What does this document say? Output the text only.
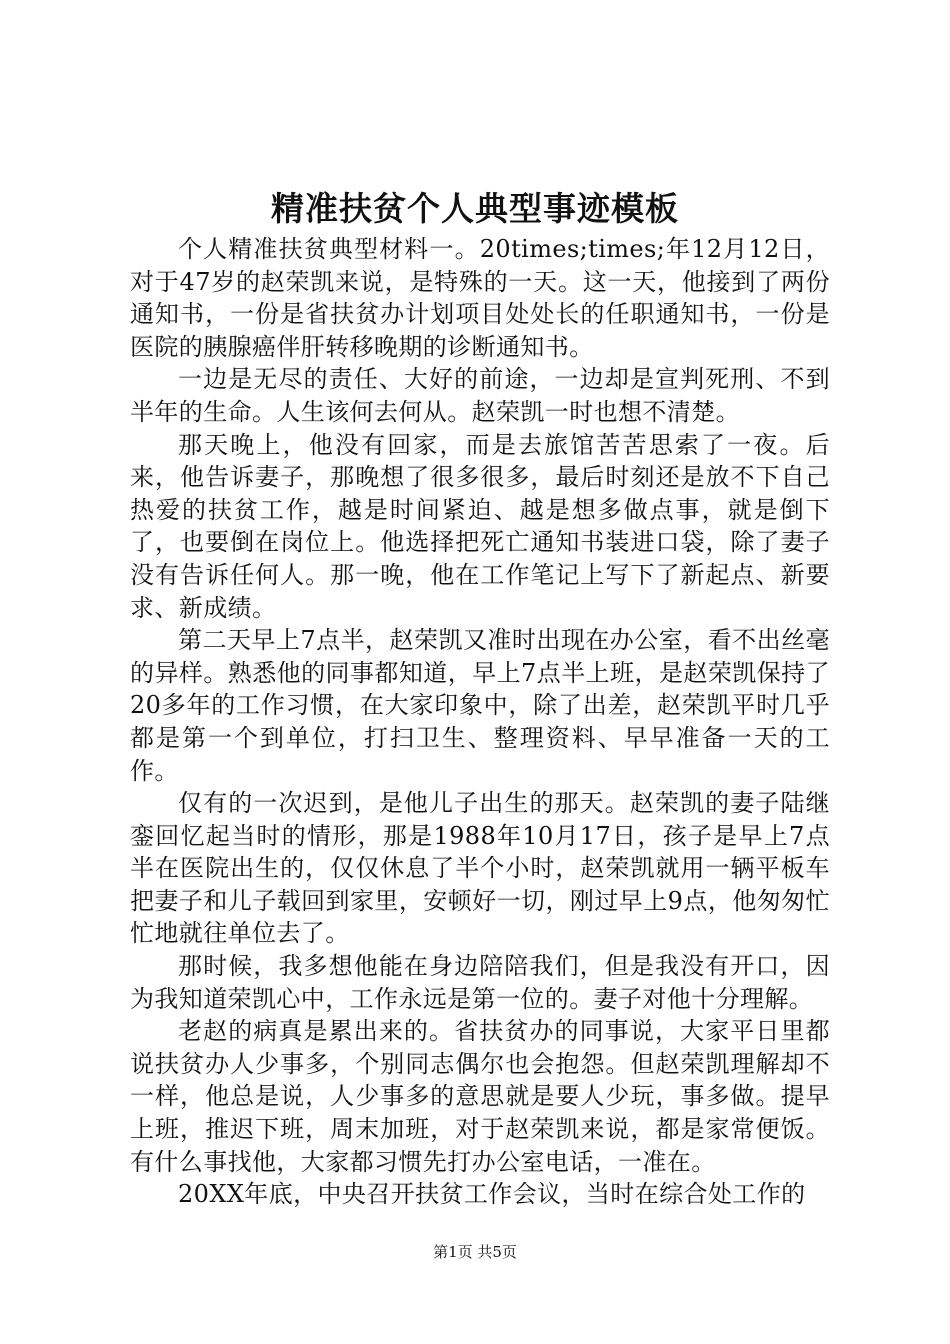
精准扶贫个人典型事迹模板

个人精准扶贫典型材料一。20times;times;年12月12日，对于47岁的赵荣凯来说，是特殊的一天。这一天，他接到了两份通知书，一份是省扶贫办计划项目处处长的任职通知书，一份是医院的胰腺癌伴肝转移晚期的诊断通知书。

一边是无尽的责任、大好的前途，一边却是宣判死刑、不到半年的生命。人生该何去何从。赵荣凯一时也想不清楚。

那天晚上，他没有回家，而是去旅馆苦苦思索了一夜。后来，他告诉妻子，那晚想了很多很多，最后时刻还是放不下自己热爱的扶贫工作，越是时间紧迫、越是想多做点事，就是倒下了，也要倒在岗位上。他选择把死亡通知书装进口袋，除了妻子没有告诉任何人。那一晚，他在工作笔记上写下了新起点、新要求、新成绩。

第二天早上7点半，赵荣凯又准时出现在办公室，看不出丝毫的异样。熟悉他的同事都知道，早上7点半上班，是赵荣凯保持了20多年的工作习惯，在大家印象中，除了出差，赵荣凯平时几乎都是第一个到单位，打扫卫生、整理资料、早早准备一天的工作。

仅有的一次迟到，是他儿子出生的那天。赵荣凯的妻子陆继銮回忆起当时的情形，那是1988年10月17日，孩子是早上7点半在医院出生的，仅仅休息了半个小时，赵荣凯就用一辆平板车把妻子和儿子载回到家里，安顿好一切，刚过早上9点，他匆匆忙忙地就往单位去了。

那时候，我多想他能在身边陪陪我们，但是我没有开口，因为我知道荣凯心中，工作永远是第一位的。妻子对他十分理解。

老赵的病真是累出来的。省扶贫办的同事说，大家平日里都说扶贫办人少事多，个别同志偶尔也会抱怨。但赵荣凯理解却不一样，他总是说，人少事多的意思就是要人少玩，事多做。提早上班，推迟下班，周末加班，对于赵荣凯来说，都是家常便饭。有什么事找他，大家都习惯先打办公室电话，一准在。

20XX年底，中央召开扶贫工作会议，当时在综合处工作的

第1页 共5页
